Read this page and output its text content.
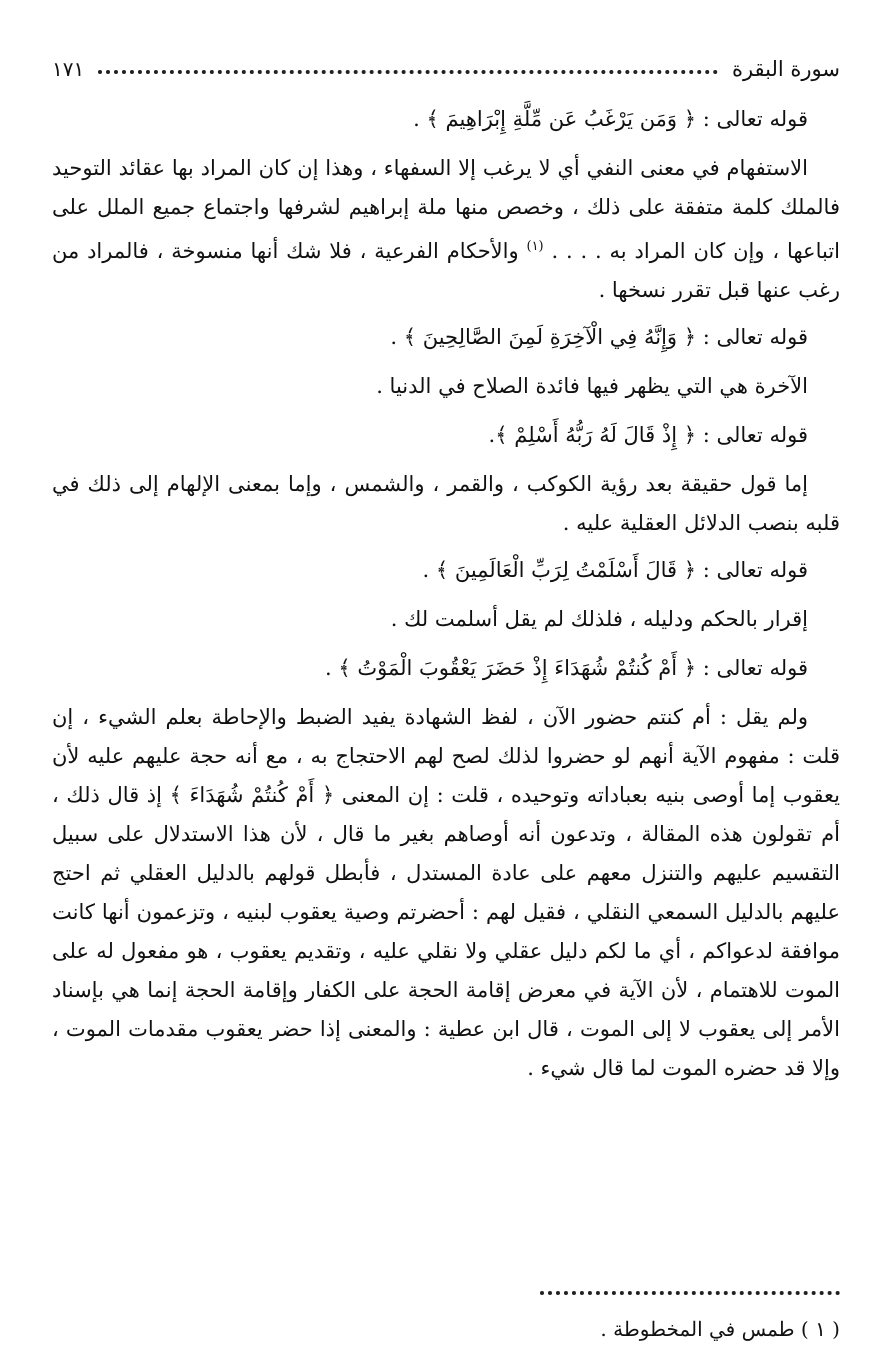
سورة البقرة
١٧١
قوله تعالى : ﴿ وَمَن يَرْغَبُ عَن مِّلَّةِ إِبْرَاهِيمَ ﴾ .
الاستفهام في معنى النفي أي لا يرغب إلا السفهاء ، وهذا إن كان المراد بها عقائد التوحيد فالملك كلمة متفقة على ذلك ، وخصص منها ملة إبراهيم لشرفها واجتماع جميع الملل على اتباعها ، وإن كان المراد به . . . . $^{(١)}$ والأحكام الفرعية ، فلا شك أنها منسوخة ، فالمراد من رغب عنها قبل تقرر نسخها .
قوله تعالى : ﴿ وَإِنَّهُ فِي الْآخِرَةِ لَمِنَ الصَّالِحِينَ ﴾ .
الآخرة هي التي يظهر فيها فائدة الصلاح في الدنيا .
قوله تعالى : ﴿ إِذْ قَالَ لَهُ رَبُّهُ أَسْلِمْ ﴾.
إما قول حقيقة بعد رؤية الكوكب ، والقمر ، والشمس ، وإما بمعنى الإلهام إلى ذلك في قلبه بنصب الدلائل العقلية عليه .
قوله تعالى : ﴿ قَالَ أَسْلَمْتُ لِرَبِّ الْعَالَمِينَ ﴾ .
إقرار بالحكم ودليله ، فلذلك لم يقل أسلمت لك .
قوله تعالى : ﴿ أَمْ كُنتُمْ شُهَدَاءَ إِذْ حَضَرَ يَعْقُوبَ الْمَوْتُ ﴾ .
ولم يقل : أم كنتم حضور الآن ، لفظ الشهادة يفيد الضبط والإحاطة بعلم الشيء ، إن قلت : مفهوم الآية أنهم لو حضروا لذلك لصح لهم الاحتجاج به ، مع أنه حجة عليهم عليه لأن يعقوب إما أوصى بنيه بعباداته وتوحيده ، قلت : إن المعنى ﴿ أَمْ كُنتُمْ شُهَدَاءَ ﴾ إذ قال ذلك ، أم تقولون هذه المقالة ، وتدعون أنه أوصاهم بغير ما قال ، لأن هذا الاستدلال على سبيل التقسيم عليهم والتنزل معهم على عادة المستدل ، فأبطل قولهم بالدليل العقلي ثم احتج عليهم بالدليل السمعي النقلي ، فقيل لهم : أحضرتم وصية يعقوب لبنيه ، وتزعمون أنها كانت موافقة لدعواكم ، أي ما لكم دليل عقلي ولا نقلي عليه ، وتقديم يعقوب ، هو مفعول له على الموت للاهتمام ، لأن الآية في معرض إقامة الحجة على الكفار وإقامة الحجة إنما هي بإسناد الأمر إلى يعقوب لا إلى الموت ، قال ابن عطية : والمعنى إذا حضر يعقوب مقدمات الموت ، وإلا قد حضره الموت لما قال شيء .
( ١ ) طمس في المخطوطة .
